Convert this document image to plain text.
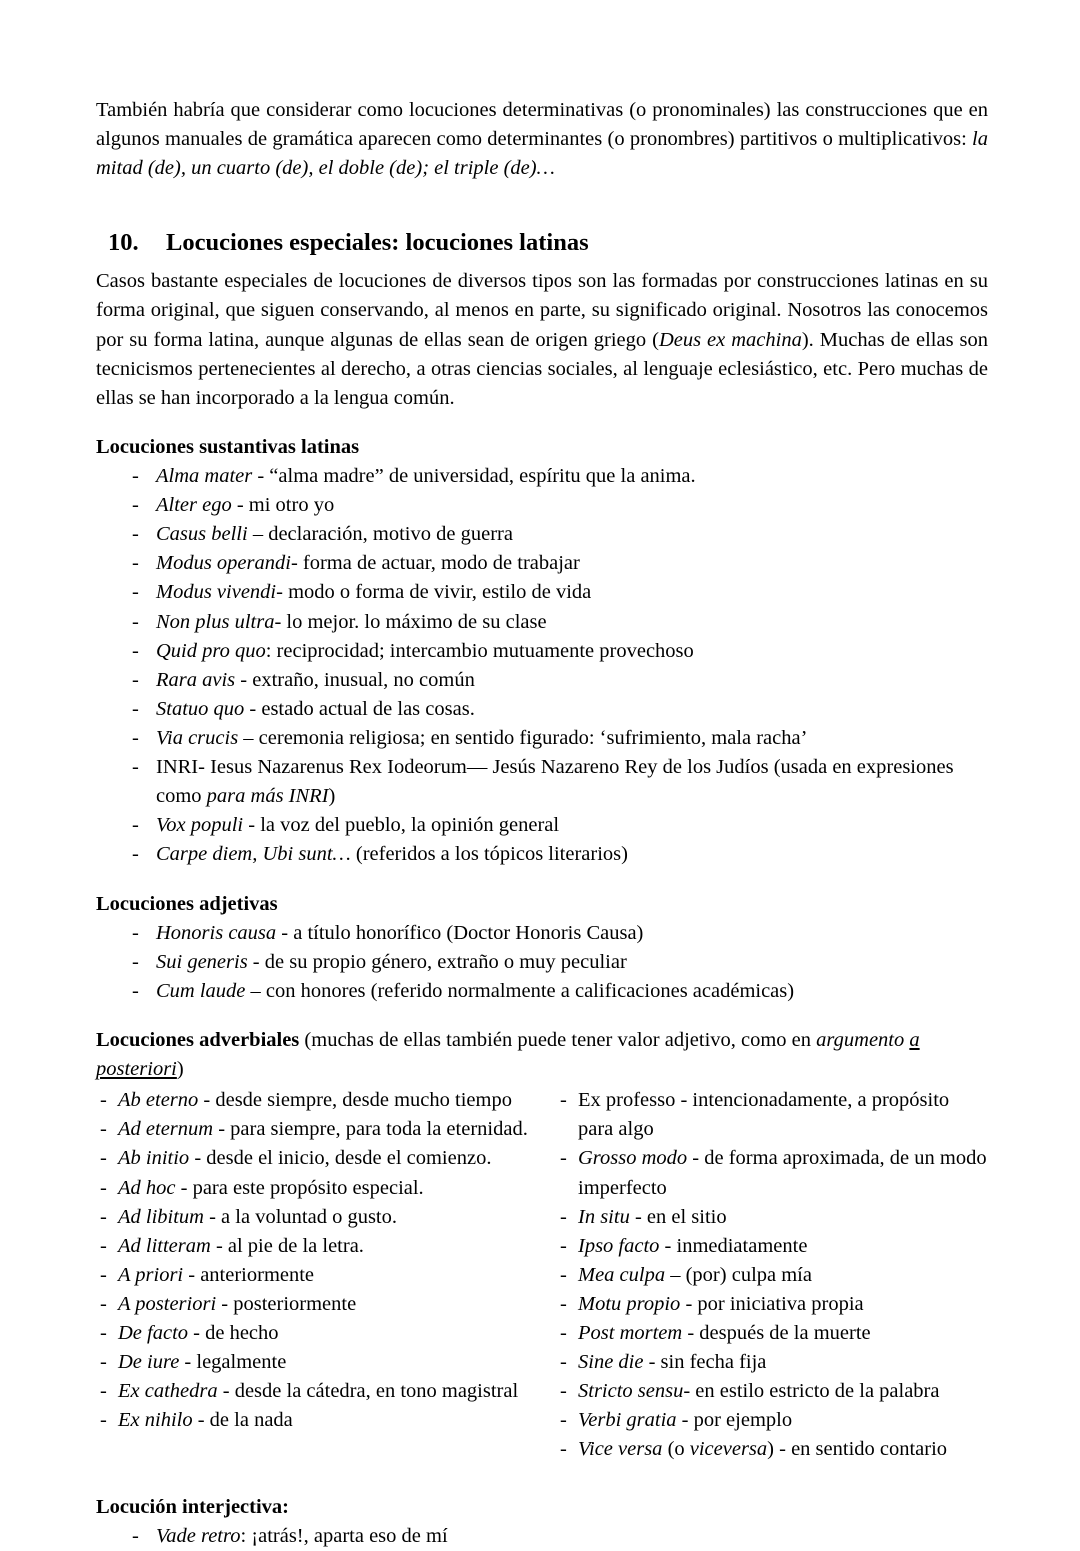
También habría que considerar como locuciones determinativas (o pronominales) las construcciones que en algunos manuales de gramática aparecen como determinantes (o pronombres) partitivos o multiplicativos: la mitad (de), un cuarto (de), el doble (de); el triple (de)…

10.	Locuciones especiales: locuciones latinas

Casos bastante especiales de locuciones de diversos tipos son las formadas por construcciones latinas en su forma original, que siguen conservando, al menos en parte, su significado original. Nosotros las conocemos por su forma latina, aunque algunas de ellas sean de origen griego (Deus ex machina). Muchas de ellas son tecnicismos pertenecientes al derecho, a otras ciencias sociales, al lenguaje eclesiástico, etc. Pero muchas de ellas se han incorporado a la lengua común.

Locuciones sustantivas latinas
- Alma mater - “alma madre” de universidad, espíritu que la anima.
- Alter ego - mi otro yo
- Casus belli – declaración, motivo de guerra
- Modus operandi- forma de actuar, modo de trabajar
- Modus vivendi- modo o forma de vivir, estilo de vida
- Non plus ultra- lo mejor. lo máximo de su clase
- Quid pro quo: reciprocidad; intercambio mutuamente provechoso
- Rara avis - extraño, inusual, no común
- Statuo quo - estado actual de las cosas.
- Via crucis – ceremonia religiosa; en sentido figurado: ‘sufrimiento, mala racha’
- INRI- Iesus Nazarenus Rex Iodeorum— Jesús Nazareno Rey de los Judíos (usada en expresiones como para más INRI)
- Vox populi - la voz del pueblo, la opinión general
- Carpe diem, Ubi sunt… (referidos a los tópicos literarios)
Locuciones adjetivas
- Honoris causa - a título honorífico (Doctor Honoris Causa)
- Sui generis - de su propio género, extraño o muy peculiar
- Cum laude – con honores (referido normalmente a calificaciones académicas)
Locuciones adverbiales (muchas de ellas también puede tener valor adjetivo, como en argumento a posteriori)
- Ab eterno - desde siempre, desde mucho tiempo
- Ad eternum - para siempre, para toda la eternidad.
- Ab initio - desde el inicio, desde el comienzo.
- Ad hoc - para este propósito especial.
- Ad libitum - a la voluntad o gusto.
- Ad litteram - al pie de la letra.
- A priori - anteriormente
- A posteriori - posteriormente
- De facto - de hecho
- De iure - legalmente
- Ex cathedra - desde la cátedra, en tono magistral
- Ex nihilo - de la nada
- Ex professo - intencionadamente, a propósito para algo
- Grosso modo - de forma aproximada, de un modo imperfecto
- In situ - en el sitio
- Ipso facto - inmediatamente
- Mea culpa – (por) culpa mía
- Motu propio - por iniciativa propia
- Post mortem - después de la muerte
- Sine die - sin fecha fija
- Stricto sensu- en estilo estricto de la palabra
- Verbi gratia - por ejemplo
- Vice versa (o viceversa) - en sentido contario
Locución interjectiva:
- Vade retro: ¡atrás!, aparta eso de mí
